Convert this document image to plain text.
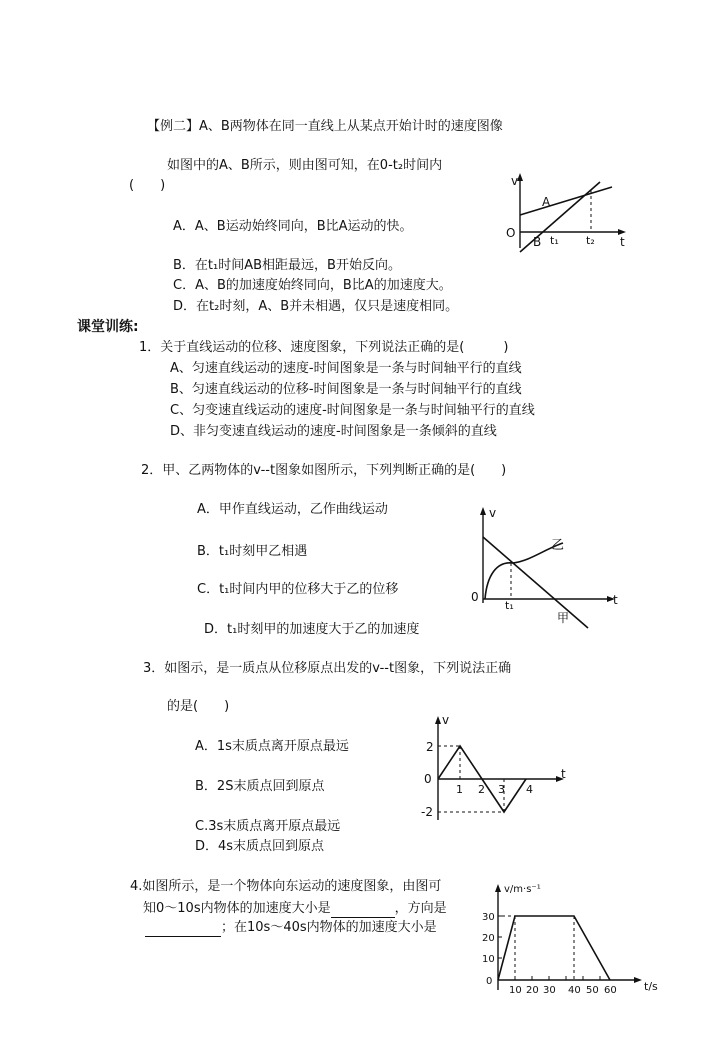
【例二】A、B两物体在同一直线上从某点开始计时的速度图像
如图中的A、B所示，则由图可知，在0-t₂时间内
(　　)
A．A、B运动始终同向，B比A运动的快。
B．在t₁时间AB相距最远，B开始反向。
C．A、B的加速度始终同向，B比A的加速度大。
D．在t₂时刻，A、B并未相遇，仅只是速度相同。
v
O
t
A
B t₁ t₂
课堂训练:
1．关于直线运动的位移、速度图象，下列说法正确的是(　　　)
A、匀速直线运动的速度-时间图象是一条与时间轴平行的直线
B、匀速直线运动的位移-时间图象是一条与时间轴平行的直线
C、匀变速直线运动的速度-时间图象是一条与时间轴平行的直线
D、非匀变速直线运动的速度-时间图象是一条倾斜的直线
2．甲、乙两物体的v--t图象如图所示，下列判断正确的是(　　)
A．甲作直线运动，乙作曲线运动
B．t₁时刻甲乙相遇
C．t₁时间内甲的位移大于乙的位移
D．t₁时刻甲的加速度大于乙的加速度
v
0	t
t₁
乙
甲
3．如图示，是一质点从位移原点出发的v--t图象，下列说法正确
的是(　　)
A．1s末质点离开原点最远
B．2S末质点回到原点
C.3s末质点离开原点最远
D．4s末质点回到原点
v
t
0
2
-2
1 2 3 4
4.如图所示，是一个物体向东运动的速度图象，由图可
知0～10s内物体的加速度大小是	，方向是
；在10s～40s内物体的加速度大小是
v/m·s⁻¹
t/s
0
10
20
30
10 20 30 40 50 60
